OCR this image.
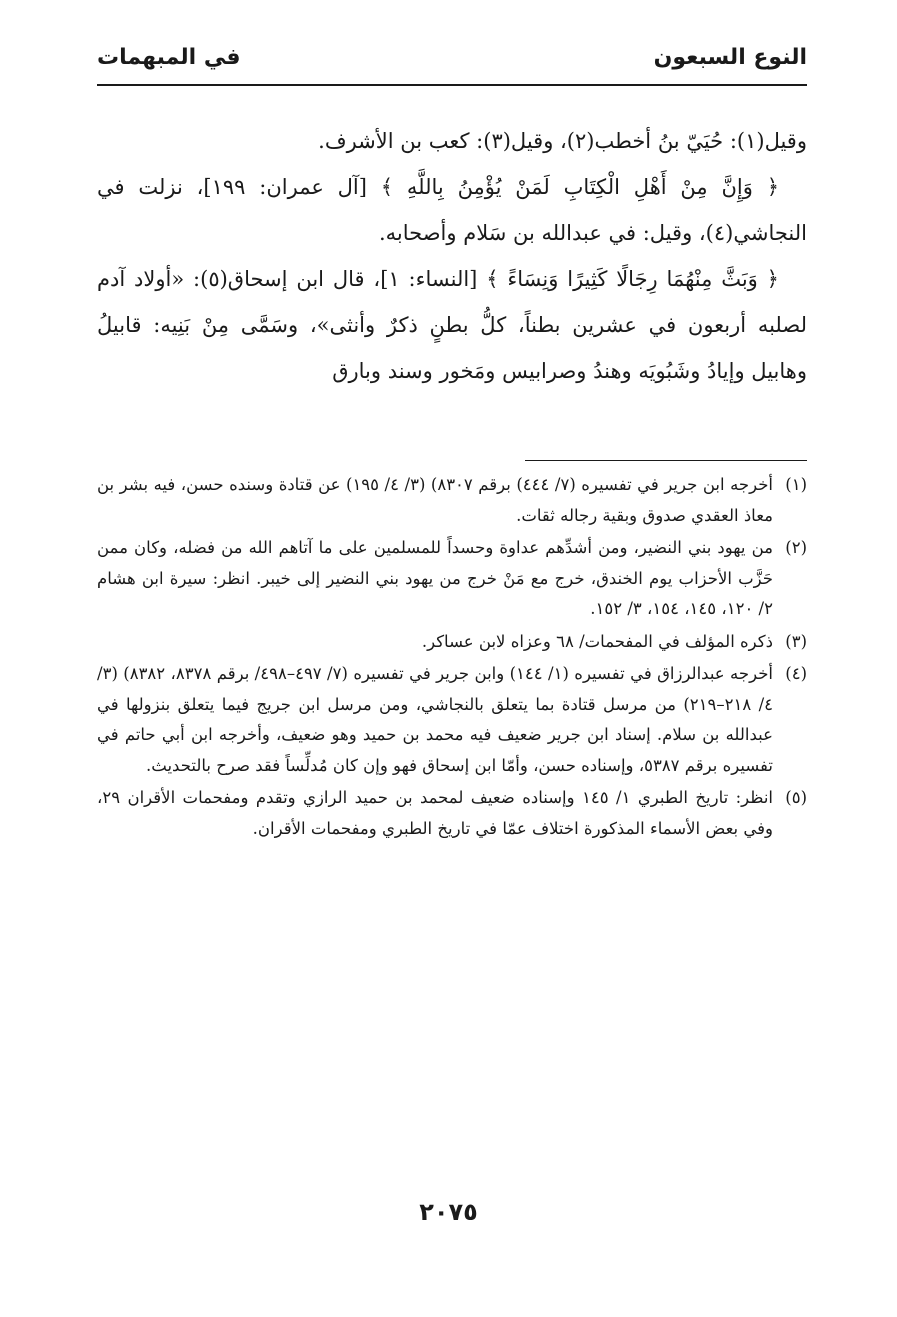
النوع السبعون
في المبهمات

وقيل(١): حُيَيّ بنُ أخطب(٢)، وقيل(٣): كعب بن الأشرف.

﴿ وَإِنَّ مِنْ أَهْلِ الْكِتَابِ لَمَنْ يُؤْمِنُ بِاللَّهِ ﴾ [آل عمران: ١٩٩]، نزلت في النجاشي(٤)، وقيل: في عبدالله بن سَلام وأصحابه.

﴿ وَبَثَّ مِنْهُمَا رِجَالًا كَثِيرًا وَنِسَاءً ﴾ [النساء: ١]، قال ابن إسحاق(٥): «أولاد آدم لصلبه أربعون في عشرين بطناً، كلُّ بطنٍ ذكرٌ وأنثى»، وسَمَّى مِنْ بَنِيه: قابيلُ وهابيل وإيادُ وشَبُويَه وهندُ وصرابيس ومَخور وسند وبارق

(١)
أخرجه ابن جرير في تفسيره (٧/ ٤٤٤) برقم ٨٣٠٧) (٣/ ٤/ ١٩٥) عن قتادة وسنده حسن، فيه بشر بن معاذ العقدي صدوق وبقية رجاله ثقات.

(٢)
من يهود بني النضير، ومن أشدِّهم عداوة وحسداً للمسلمين على ما آتاهم الله من فضله، وكان ممن حَزَّب الأحزاب يوم الخندق، خرج مع مَنْ خرج من يهود بني النضير إلى خيبر. انظر: سيرة ابن هشام ٢/ ١٢٠، ١٤٥، ١٥٤، ٣/ ١٥٢.

(٣)
ذكره المؤلف في المفحمات/ ٦٨ وعزاه لابن عساكر.

(٤)
أخرجه عبدالرزاق في تفسيره (١/ ١٤٤) وابن جرير في تفسيره (٧/ ٤٩٧–٤٩٨/ برقم ٨٣٧٨، ٨٣٨٢) (٣/ ٤/ ٢١٨–٢١٩) من مرسل قتادة بما يتعلق بالنجاشي، ومن مرسل ابن جريج فيما يتعلق بنزولها في عبدالله بن سلام. إسناد ابن جرير ضعيف فيه محمد بن حميد وهو ضعيف، وأخرجه ابن أبي حاتم في تفسيره برقم ٥٣٨٧، وإسناده حسن، وأمّا ابن إسحاق فهو وإن كان مُدلِّساً فقد صرح بالتحديث.

(٥)
انظر: تاريخ الطبري ١/ ١٤٥ وإسناده ضعيف لمحمد بن حميد الرازي وتقدم ومفحمات الأقران ٢٩، وفي بعض الأسماء المذكورة اختلاف عمّا في تاريخ الطبري ومفحمات الأقران.

٢٠٧٥
